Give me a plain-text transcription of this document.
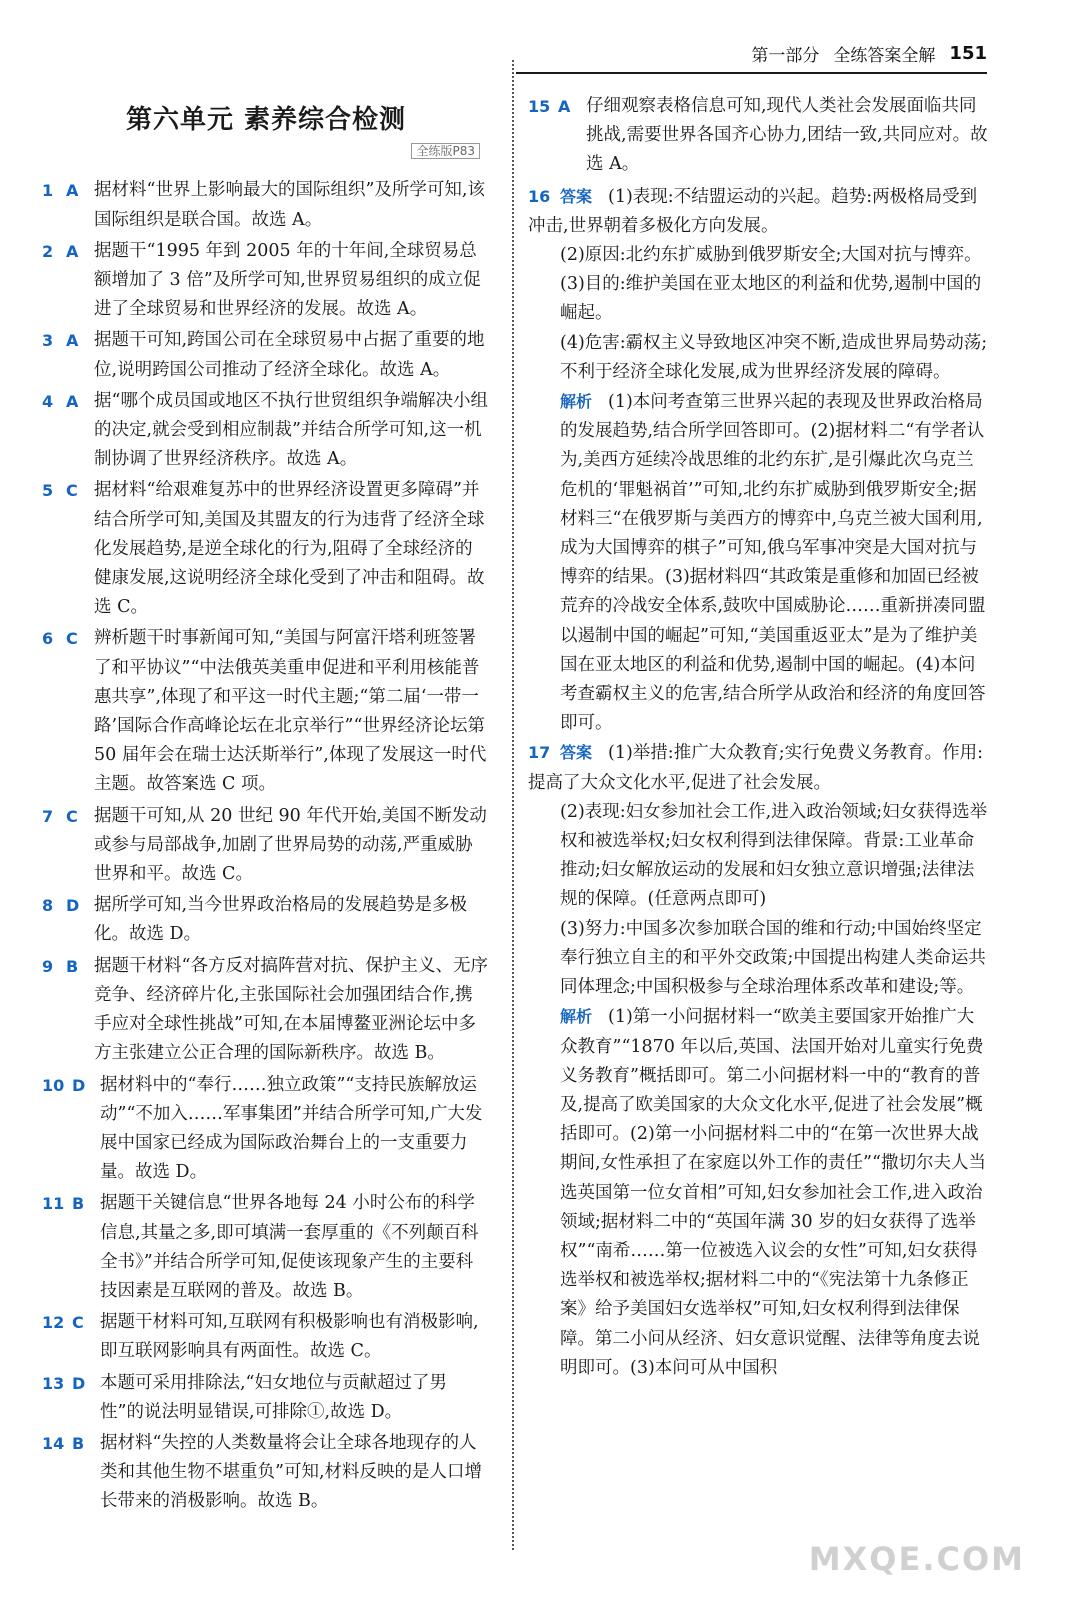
第一部分 全练答案全解 151
第六单元 素养综合检测
全练版P83
1 A 据材料“世界上影响最大的国际组织”及所学可知,该国际组织是联合国。故选 A。
2 A 据题干“1995 年到 2005 年的十年间,全球贸易总额增加了 3 倍”及所学可知,世界贸易组织的成立促进了全球贸易和世界经济的发展。故选 A。
3 A 据题干可知,跨国公司在全球贸易中占据了重要的地位,说明跨国公司推动了经济全球化。故选 A。
4 A 据“哪个成员国或地区不执行世贸组织争端解决小组的决定,就会受到相应制裁”并结合所学可知,这一机制协调了世界经济秩序。故选 A。
5 C 据材料“给艰难复苏中的世界经济设置更多障碍”并结合所学可知,美国及其盟友的行为违背了经济全球化发展趋势,是逆全球化的行为,阻碍了全球经济的健康发展,这说明经济全球化受到了冲击和阻碍。故选 C。
6 C 辨析题干时事新闻可知,“美国与阿富汗塔利班签署了和平协议”“中法俄英美重申促进和平利用核能普惠共享”,体现了和平这一时代主题;“第二届‘一带一路’国际合作高峰论坛在北京举行”“世界经济论坛第 50 届年会在瑞士达沃斯举行”,体现了发展这一时代主题。故答案选 C 项。
7 C 据题干可知,从 20 世纪 90 年代开始,美国不断发动或参与局部战争,加剧了世界局势的动荡,严重威胁世界和平。故选 C。
8 D 据所学可知,当今世界政治格局的发展趋势是多极化。故选 D。
9 B 据题干材料“各方反对搞阵营对抗、保护主义、无序竞争、经济碎片化,主张国际社会加强团结合作,携手应对全球性挑战”可知,在本届博鳌亚洲论坛中多方主张建立公正合理的国际新秩序。故选 B。
10 D 据材料中的“奉行……独立政策”“支持民族解放运动”“不加入……军事集团”并结合所学可知,广大发展中国家已经成为国际政治舞台上的一支重要力量。故选 D。
11 B 据题干关键信息“世界各地每 24 小时公布的科学信息,其量之多,即可填满一套厚重的《不列颠百科全书》”并结合所学可知,促使该现象产生的主要科技因素是互联网的普及。故选 B。
12 C 据题干材料可知,互联网有积极影响也有消极影响,即互联网影响具有两面性。故选 C。
13 D 本题可采用排除法,“妇女地位与贡献超过了男性”的说法明显错误,可排除①,故选 D。
14 B 据材料“失控的人类数量将会让全球各地现存的人类和其他生物不堪重负”可知,材料反映的是人口增长带来的消极影响。故选 B。
15 A 仔细观察表格信息可知,现代人类社会发展面临共同挑战,需要世界各国齐心协力,团结一致,共同应对。故选 A。
16 答案 (1)表现:不结盟运动的兴起。趋势:两极格局受到冲击,世界朝着多极化方向发展。
(2)原因:北约东扩威胁到俄罗斯安全;大国对抗与博弈。
(3)目的:维护美国在亚太地区的利益和优势,遏制中国的崛起。
(4)危害:霸权主义导致地区冲突不断,造成世界局势动荡;不利于经济全球化发展,成为世界经济发展的障碍。
解析 (1)本问考查第三世界兴起的表现及世界政治格局的发展趋势,结合所学回答即可。(2)据材料二“有学者认为,美西方延续冷战思维的北约东扩,是引爆此次乌克兰危机的‘罪魁祸首’”可知,北约东扩威胁到俄罗斯安全;据材料三“在俄罗斯与美西方的博弈中,乌克兰被大国利用,成为大国博弈的棋子”可知,俄乌军事冲突是大国对抗与博弈的结果。(3)据材料四“其政策是重修和加固已经被荒弃的冷战安全体系,鼓吹中国威胁论……重新拼凑同盟以遏制中国的崛起”可知,“美国重返亚太”是为了维护美国在亚太地区的利益和优势,遏制中国的崛起。(4)本问考查霸权主义的危害,结合所学从政治和经济的角度回答即可。
17 答案 (1)举措:推广大众教育;实行免费义务教育。作用:提高了大众文化水平,促进了社会发展。
(2)表现:妇女参加社会工作,进入政治领域;妇女获得选举权和被选举权;妇女权利得到法律保障。背景:工业革命推动;妇女解放运动的发展和妇女独立意识增强;法律法规的保障。(任意两点即可)
(3)努力:中国多次参加联合国的维和行动;中国始终坚定奉行独立自主的和平外交政策;中国提出构建人类命运共同体理念;中国积极参与全球治理体系改革和建设;等。
解析 (1)第一小问据材料一“欧美主要国家开始推广大众教育”“1870 年以后,英国、法国开始对儿童实行免费义务教育”概括即可。第二小问据材料一中的“教育的普及,提高了欧美国家的大众文化水平,促进了社会发展”概括即可。(2)第一小问据材料二中的“在第一次世界大战期间,女性承担了在家庭以外工作的责任”“撒切尔夫人当选英国第一位女首相”可知,妇女参加社会工作,进入政治领域;据材料二中的“英国年满 30 岁的妇女获得了选举权”“南希……第一位被选入议会的女性”可知,妇女获得选举权和被选举权;据材料二中的“《宪法第十九条修正案》给予美国妇女选举权”可知,妇女权利得到法律保障。第二小问从经济、妇女意识觉醒、法律等角度去说明即可。(3)本问可从中国积
MXQE.COM
